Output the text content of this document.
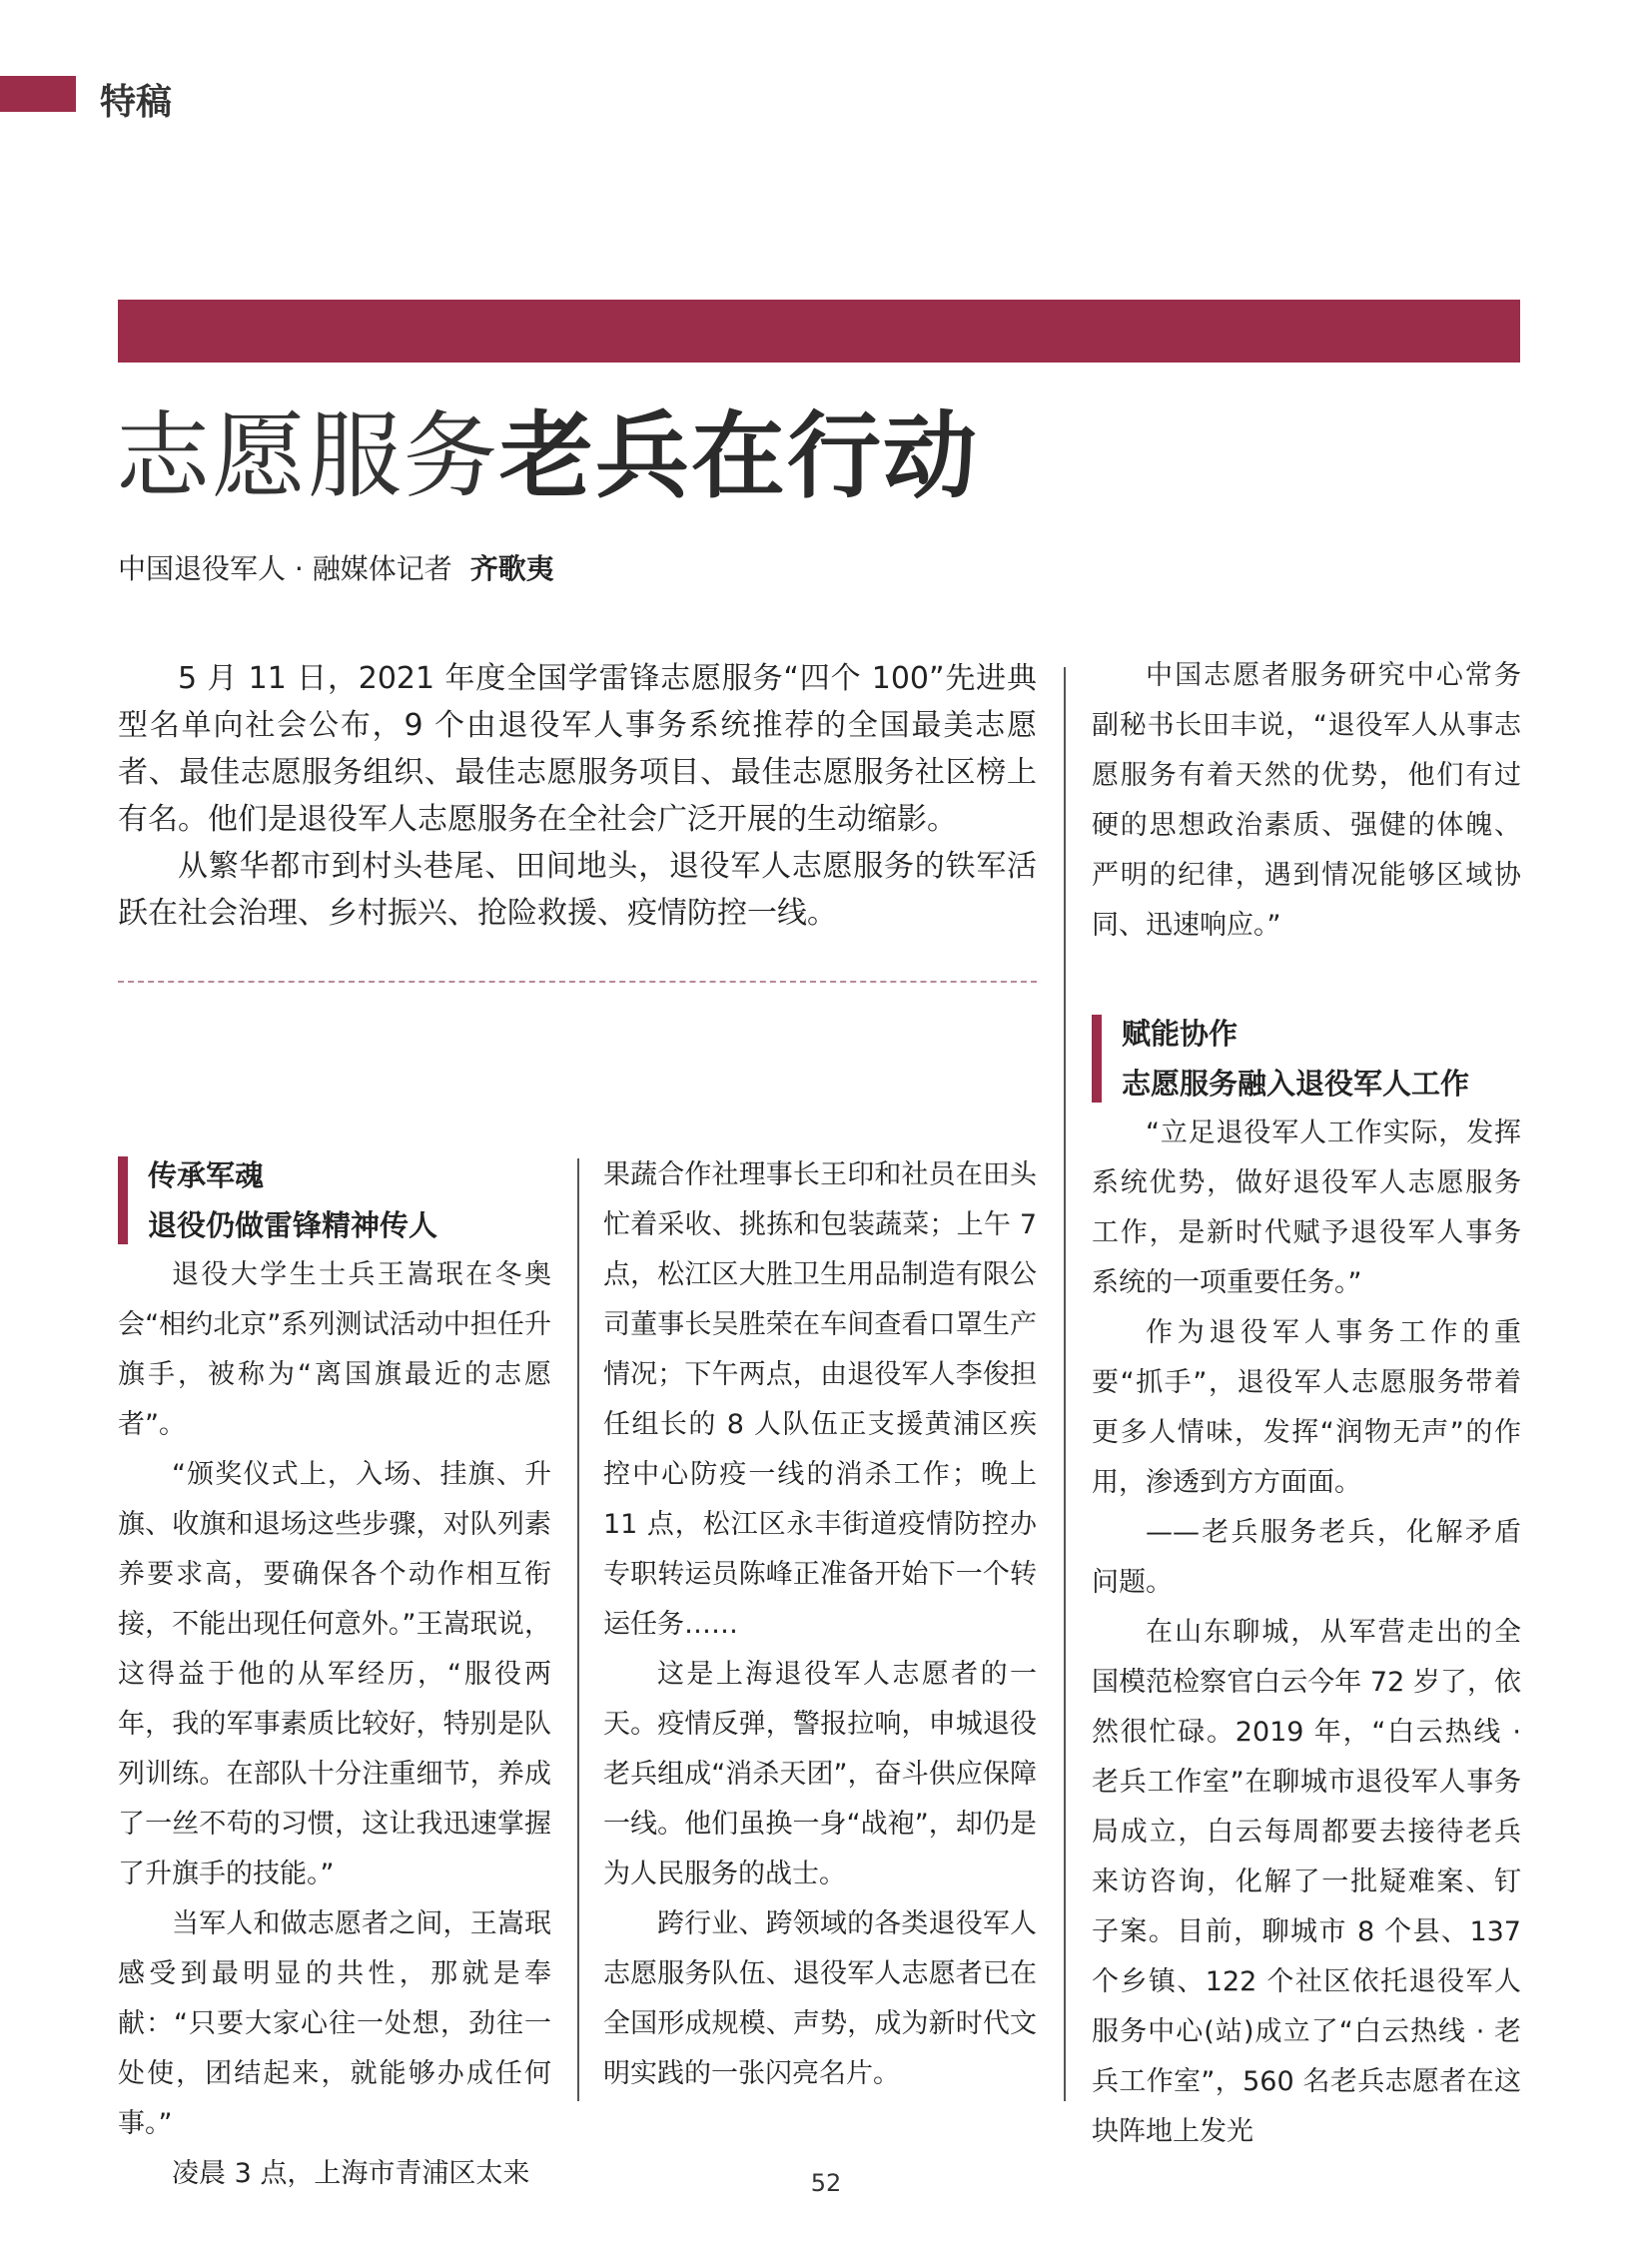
特稿
志愿服务老兵在行动
中国退役军人 · 融媒体记者 齐歌夷

5 月 11 日，2021 年度全国学雷锋志愿服务“四个 100”先进典型名单向社会公布，9 个由退役军人事务系统推荐的全国最美志愿者、最佳志愿服务组织、最佳志愿服务项目、最佳志愿服务社区榜上有名。他们是退役军人志愿服务在全社会广泛开展的生动缩影。

从繁华都市到村头巷尾、田间地头，退役军人志愿服务的铁军活跃在社会治理、乡村振兴、抢险救援、疫情防控一线。

传承军魂
退役仍做雷锋精神传人

退役大学生士兵王嵩珉在冬奥会“相约北京”系列测试活动中担任升旗手，被称为“离国旗最近的志愿者”。

“颁奖仪式上，入场、挂旗、升旗、收旗和退场这些步骤，对队列素养要求高，要确保各个动作相互衔接，不能出现任何意外。”王嵩珉说，这得益于他的从军经历，“服役两年，我的军事素质比较好，特别是队列训练。在部队十分注重细节，养成了一丝不苟的习惯，这让我迅速掌握了升旗手的技能。”

当军人和做志愿者之间，王嵩珉感受到最明显的共性，那就是奉献：“只要大家心往一处想，劲往一处使，团结起来，就能够办成任何事。”

凌晨 3 点，上海市青浦区太来

果蔬合作社理事长王印和社员在田头忙着采收、挑拣和包装蔬菜；上午 7 点，松江区大胜卫生用品制造有限公司董事长吴胜荣在车间查看口罩生产情况；下午两点，由退役军人李俊担任组长的 8 人队伍正支援黄浦区疾控中心防疫一线的消杀工作；晚上 11 点，松江区永丰街道疫情防控办专职转运员陈峰正准备开始下一个转运任务……

这是上海退役军人志愿者的一天。疫情反弹，警报拉响，申城退役老兵组成“消杀天团”，奋斗供应保障一线。他们虽换一身“战袍”，却仍是为人民服务的战士。

跨行业、跨领域的各类退役军人志愿服务队伍、退役军人志愿者已在全国形成规模、声势，成为新时代文明实践的一张闪亮名片。

中国志愿者服务研究中心常务副秘书长田丰说，“退役军人从事志愿服务有着天然的优势，他们有过硬的思想政治素质、强健的体魄、严明的纪律，遇到情况能够区域协同、迅速响应。”

赋能协作
志愿服务融入退役军人工作

“立足退役军人工作实际，发挥系统优势，做好退役军人志愿服务工作，是新时代赋予退役军人事务系统的一项重要任务。”

作为退役军人事务工作的重要“抓手”，退役军人志愿服务带着更多人情味，发挥“润物无声”的作用，渗透到方方面面。

——老兵服务老兵，化解矛盾问题。

在山东聊城，从军营走出的全国模范检察官白云今年 72 岁了，依然很忙碌。2019 年，“白云热线 · 老兵工作室”在聊城市退役军人事务局成立，白云每周都要去接待老兵来访咨询，化解了一批疑难案、钉子案。目前，聊城市 8 个县、137 个乡镇、122 个社区依托退役军人服务中心(站)成立了“白云热线 · 老兵工作室”，560 名老兵志愿者在这块阵地上发光

52
